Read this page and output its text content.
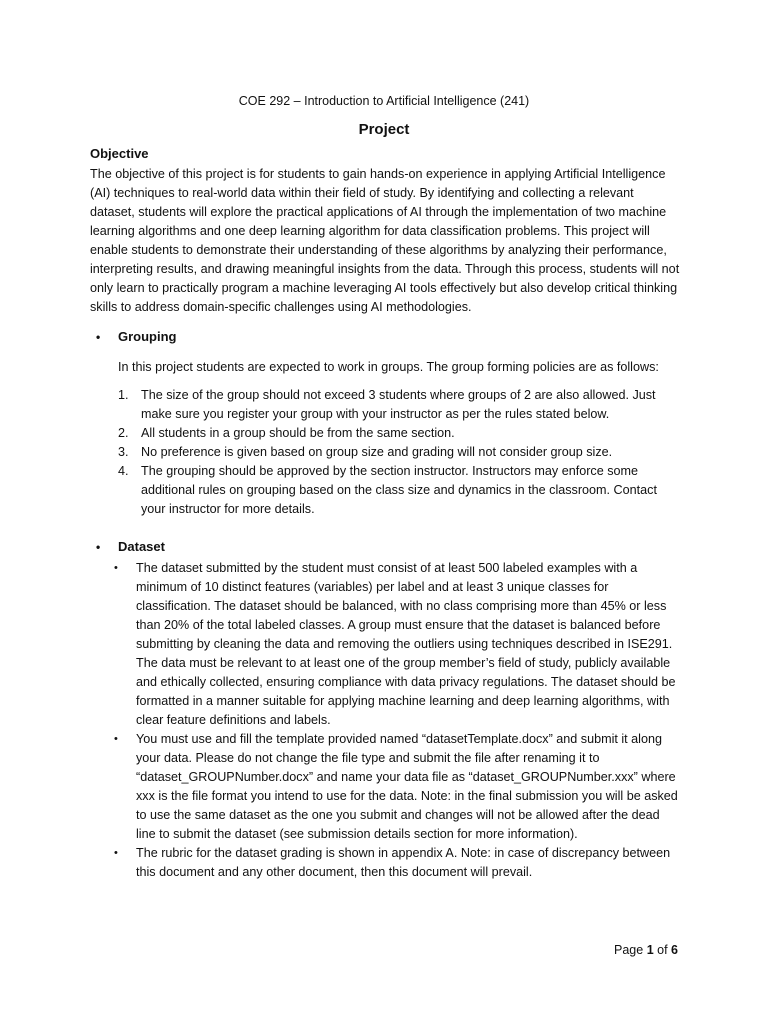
COE 292 – Introduction to Artificial Intelligence (241)
Project
Objective
The objective of this project is for students to gain hands-on experience in applying Artificial Intelligence (AI) techniques to real-world data within their field of study. By identifying and collecting a relevant dataset, students will explore the practical applications of AI through the implementation of two machine learning algorithms and one deep learning algorithm for data classification problems. This project will enable students to demonstrate their understanding of these algorithms by analyzing their performance, interpreting results, and drawing meaningful insights from the data. Through this process, students will not only learn to practically program a machine leveraging AI tools effectively but also develop critical thinking skills to address domain-specific challenges using AI methodologies.
• Grouping
In this project students are expected to work in groups. The group forming policies are as follows:
1. The size of the group should not exceed 3 students where groups of 2 are also allowed. Just make sure you register your group with your instructor as per the rules stated below.
2. All students in a group should be from the same section.
3. No preference is given based on group size and grading will not consider group size.
4. The grouping should be approved by the section instructor. Instructors may enforce some additional rules on grouping based on the class size and dynamics in the classroom. Contact your instructor for more details.
• Dataset
• The dataset submitted by the student must consist of at least 500 labeled examples with a minimum of 10 distinct features (variables) per label and at least 3 unique classes for classification. The dataset should be balanced, with no class comprising more than 45% or less than 20% of the total labeled classes. A group must ensure that the dataset is balanced before submitting by cleaning the data and removing the outliers using techniques described in ISE291. The data must be relevant to at least one of the group member’s field of study, publicly available and ethically collected, ensuring compliance with data privacy regulations. The dataset should be formatted in a manner suitable for applying machine learning and deep learning algorithms, with clear feature definitions and labels.
• You must use and fill the template provided named “datasetTemplate.docx” and submit it along your data. Please do not change the file type and submit the file after renaming it to “dataset_GROUPNumber.docx” and name your data file as “dataset_GROUPNumber.xxx” where xxx is the file format you intend to use for the data. Note: in the final submission you will be asked to use the same dataset as the one you submit and changes will not be allowed after the dead line to submit the dataset (see submission details section for more information).
• The rubric for the dataset grading is shown in appendix A. Note: in case of discrepancy between this document and any other document, then this document will prevail.
Page 1 of 6
